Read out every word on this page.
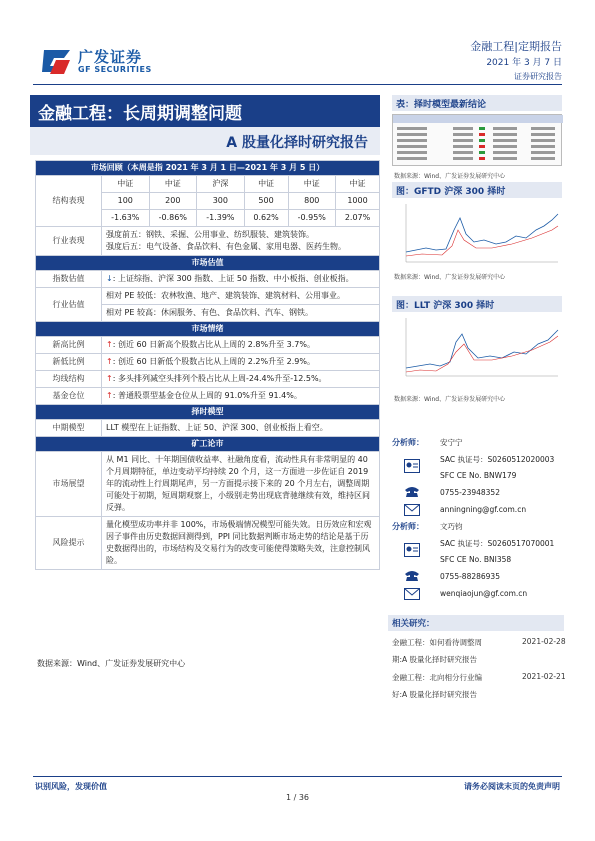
广发证券
GF SECURITIES
金融工程|定期报告
2021 年 3 月 7 日
证券研究报告
金融工程：长周期调整问题
A 股量化择时研究报告
市场回顾（本周是指 2021 年 3 月 1 日—2021 年 3 月 5 日）						
结构表现	中证	中证	沪深	中证	中证	中证
	100	200	300	500	800	1000
	-1.63%	-0.86%	-1.39%	0.62%	-0.95%	2.07%
行业表现	强度前五：钢铁、采掘、公用事业、纺织服装、建筑装饰。
强度后五：电气设备、食品饮料、有色金属、家用电器、医药生物。					

市场估值						
指数估值	↓: 上证综指、沪深 300 指数、上证 50 指数、中小板指、创业板指。					
行业估值	相对 PE 较低：农林牧渔、地产、建筑装饰、建筑材料、公用事业。					
	相对 PE 较高：休闲服务、有色、食品饮料、汽车、钢铁。					
市场情绪						
新高比例	↑: 创近 60 日新高个股数占比从上周的 2.8%升至 3.7%。					
新低比例	↑: 创近 60 日新低个股数占比从上周的 2.2%升至 2.9%。					
均线结构	↑: 多头排列减空头排列个股占比从上周-24.4%升至-12.5%。					
基金仓位	↑: 普通股票型基金仓位从上周的 91.0%升至 91.4%。					
择时模型						
中期模型	LLT 模型在上证指数、上证 50、沪深 300、创业板指上看空。					
矿工论市						
市场展望	从 M1 同比、十年期国债收益率、社融角度看，流动性具有非常明显的 40 个月周期特征，单边变动平均持续 20 个月，这一方面进一步佐证自 2019 年的流动性上行周期尾声，另一方面提示接下来的 20 个月左右，调整周期可能处于初期，短周期观察上，小级别走势出现底背驰继续有效，维持区间反弹。					
风险提示	量化模型成功率并非 100%，市场极端情况模型可能失效。日历效应和宏观因子事件由历史数据回测得到，PPI 同比数据判断市场走势的结论是基于历史数据得出的，市场结构及交易行为的改变可能使得策略失效，注意控制风险。					
数据来源：Wind、广发证券发展研究中心
表：择时模型最新结论
数据来源：Wind、广发证券发展研究中心
图：GFTD 沪深 300 择时
数据来源：Wind、广发证券发展研究中心
图：LLT 沪深 300 择时
数据来源：Wind、广发证券发展研究中心
分析师： 安宁宁
SAC 执证号：S0260512020003
SFC CE No. BNW179
0755-23948352
anningning@gf.com.cn
分析师： 文巧钧
SAC 执证号：S0260517070001
SFC CE No. BNI358
0755-88286935
wenqiaojun@gf.com.cn
相关研究：
金融工程：如何看待调整周	2021-02-28
期:A 股量化择时研究报告
金融工程：北向相分行业编	2021-02-21
好:A 股量化择时研究报告
识别风险，发现价值	请务必阅读末页的免责声明
1 / 36
